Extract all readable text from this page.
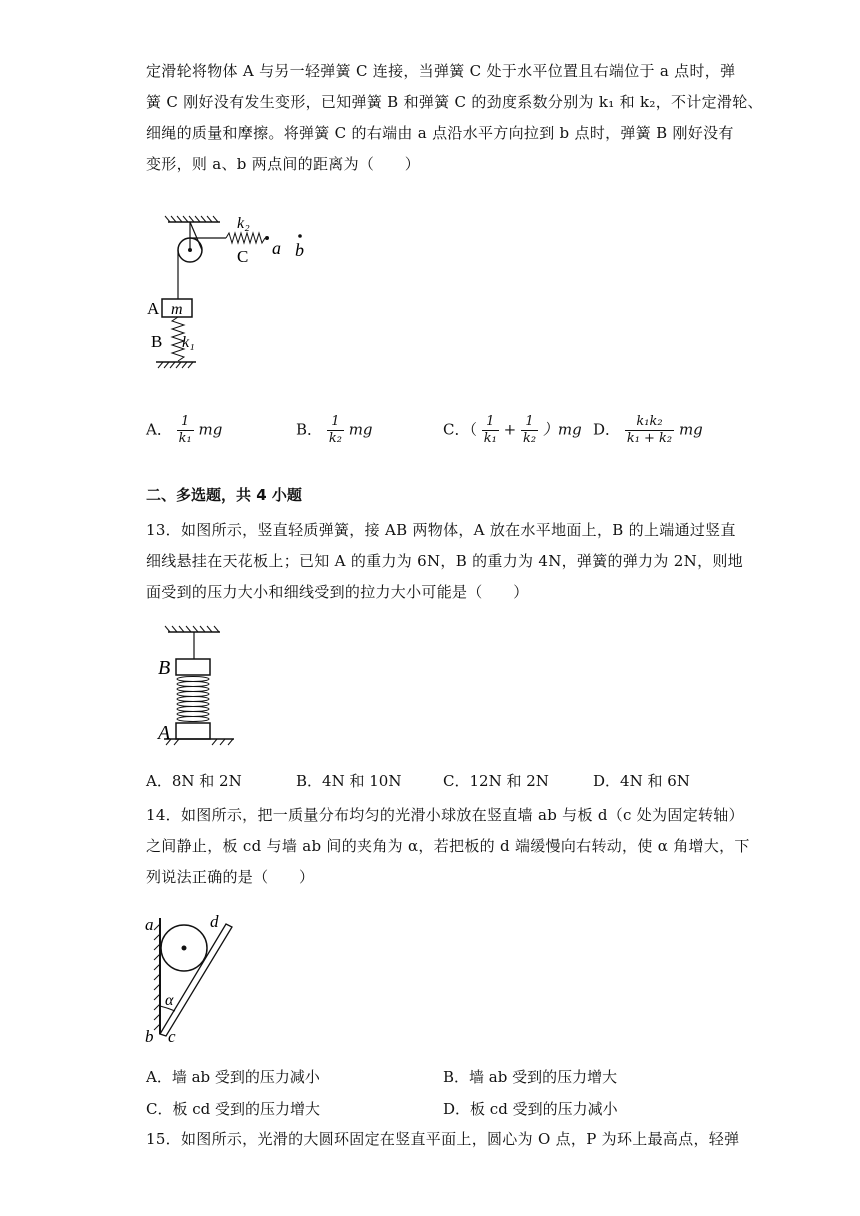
定滑轮将物体 A 与另一轻弹簧 C 连接，当弹簧 C 处于水平位置且右端位于 a 点时，弹
簧 C 刚好没有发生变形，已知弹簧 B 和弹簧 C 的劲度系数分别为 k₁ 和 k₂，不计定滑轮、
细绳的质量和摩擦。将弹簧 C 的右端由 a 点沿水平方向拉到 b 点时，弹簧 B 刚好没有
变形，则 a、b 两点间的距离为（　　）
k₂
a b
C
A m
B k₁
A． $\frac{1}{\text{k₁}}$ mg	B． $\frac{1}{\text{k₂}}$ mg	C．（ $\frac{1}{\text{k₁}} + \frac{1}{\text{k₂}} )mg$ D． $\frac{\text{k₁k₂}}{\text{k₁ + k₂}}$ mg
二、多选题，共 4 小题
13．如图所示，竖直轻质弹簧，接 AB 两物体，A 放在水平地面上，B 的上端通过竖直
细线悬挂在天花板上；已知 A 的重力为 6N，B 的重力为 4N，弹簧的弹力为 2N，则地
面受到的压力大小和细线受到的拉力大小可能是（　　）
B
A
A．8N 和 2N	B．4N 和 10N	C．12N 和 2N	D．4N 和 6N
14．如图所示，把一质量分布均匀的光滑小球放在竖直墙 ab 与板 d（c 处为固定转轴）
之间静止，板 cd 与墙 ab 间的夹角为 α，若把板的 d 端缓慢向右转动，使 α 角增大，下
列说法正确的是（　　）
a	d
α
b c
A．墙 ab 受到的压力减小	B．墙 ab 受到的压力增大
C．板 cd 受到的压力增大	D．板 cd 受到的压力减小
15．如图所示，光滑的大圆环固定在竖直平面上，圆心为 O 点，P 为环上最高点，轻弹
